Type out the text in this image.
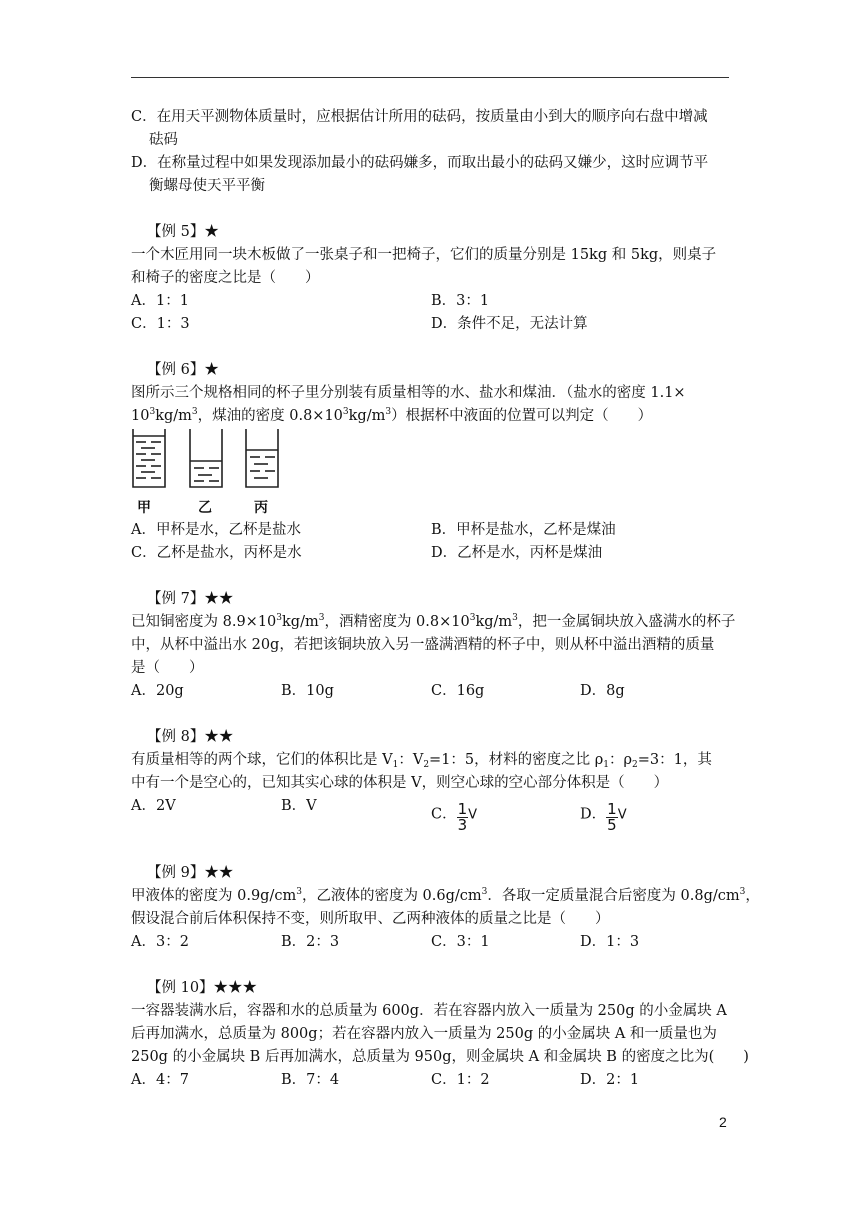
C．在用天平测物体质量时，应根据估计所用的砝码，按质量由小到大的顺序向右盘中增减
砝码
D．在称量过程中如果发现添加最小的砝码嫌多，而取出最小的砝码又嫌少，这时应调节平
衡螺母使天平平衡
【例 5】★
一个木匠用同一块木板做了一张桌子和一把椅子，它们的质量分别是 15kg 和 5kg，则桌子
和椅子的密度之比是（　　）
A．1：1	B．3：1
C．1：3	D．条件不足，无法计算
【例 6】★
图所示三个规格相同的杯子里分别装有质量相等的水、盐水和煤油．（盐水的密度 1.1×
$10^3kg/m^3$，煤油的密度 $0.8\times 10^3kg/m^3$）根据杯中液面的位置可以判定（　　）
甲	乙	丙
A．甲杯是水，乙杯是盐水	B．甲杯是盐水，乙杯是煤油
C．乙杯是盐水，丙杯是水	D．乙杯是水，丙杯是煤油
【例 7】★★
已知铜密度为 $8.9\times 10^3kg/m^3$，酒精密度为 $0.8\times 10^3kg/m^3$，把一金属铜块放入盛满水的杯子
中，从杯中溢出水 20g，若把该铜块放入另一盛满酒精的杯子中，则从杯中溢出酒精的质量
是（　　）
A．20g	B．10g	C．16g	D．8g
【例 8】★★
有质量相等的两个球，它们的体积比是 $V_1$：$V_2=1$：5，材料的密度之比 $\rho_1$：$\rho_2=3$：1，其
中有一个是空心的，已知其实心球的体积是 V，则空心球的空心部分体积是（　　）
A．2V	B．V
C． $\frac{1}{3}$ V	D． $\frac{1}{5}$ V
【例 9】★★
甲液体的密度为 $0.9g/cm^3$，乙液体的密度为 $0.6g/cm^3$．各取一定质量混合后密度为 $0.8g/cm^3$，
假设混合前后体积保持不变，则所取甲、乙两种液体的质量之比是（　　）
A．3：2	B．2：3	C．3：1	D．1：3
【例 10】★★★
一容器装满水后，容器和水的总质量为 600g．若在容器内放入一质量为 250g 的小金属块 A
后再加满水，总质量为 800g；若在容器内放入一质量为 250g 的小金属块 A 和一质量也为
250g 的小金属块 B 后再加满水，总质量为 950g，则金属块 A 和金属块 B 的密度之比为(　　)
A．4：7	B．7：4	C．1：2	D．2：1
2
